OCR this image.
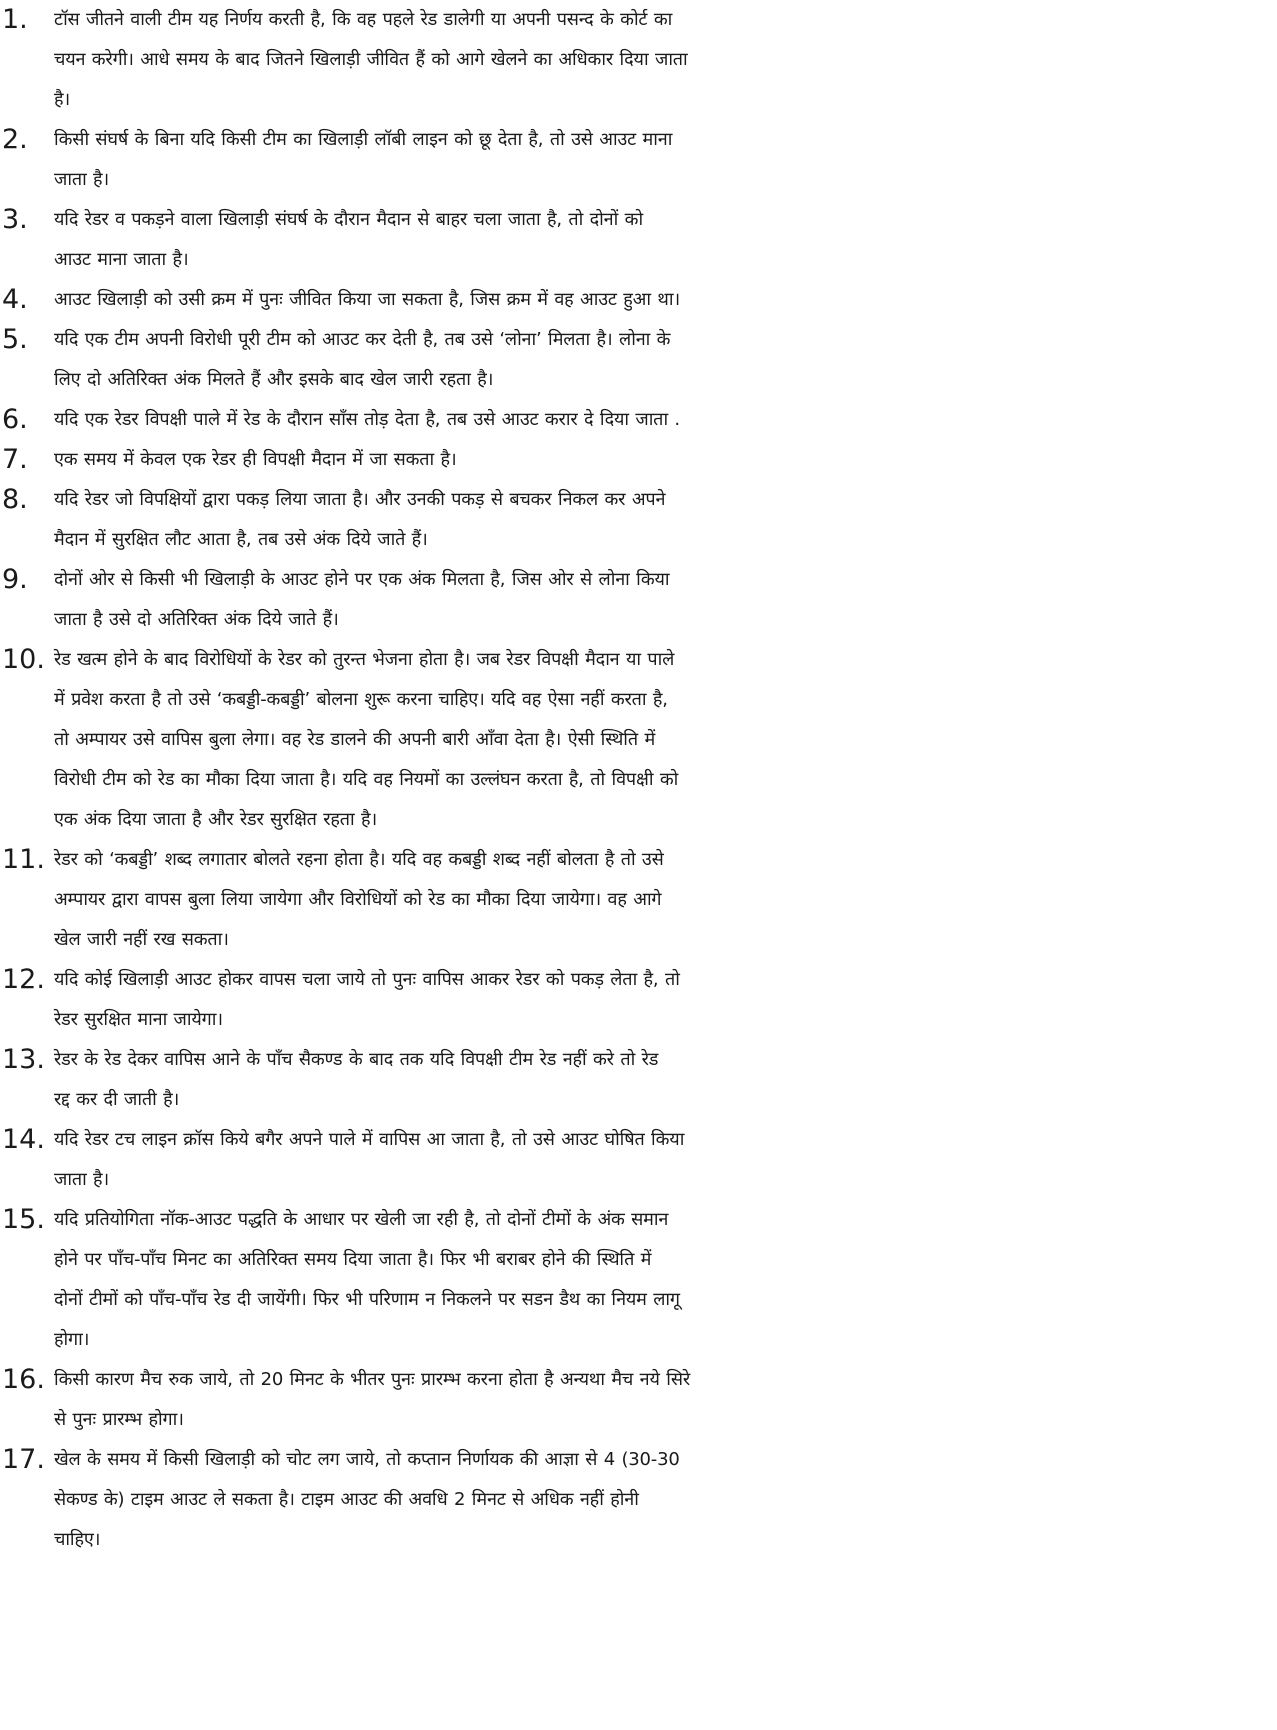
1. टॉस जीतने वाली टीम यह निर्णय करती है, कि वह पहले रेड डालेगी या अपनी पसन्द के कोर्ट का
चयन करेगी। आधे समय के बाद जितने खिलाड़ी जीवित हैं को आगे खेलने का अधिकार दिया जाता
है।
2. किसी संघर्ष के बिना यदि किसी टीम का खिलाड़ी लॉबी लाइन को छू देता है, तो उसे आउट माना
जाता है।
3. यदि रेडर व पकड़ने वाला खिलाड़ी संघर्ष के दौरान मैदान से बाहर चला जाता है, तो दोनों को
आउट माना जाता है।
4. आउट खिलाड़ी को उसी क्रम में पुनः जीवित किया जा सकता है, जिस क्रम में वह आउट हुआ था।
5. यदि एक टीम अपनी विरोधी पूरी टीम को आउट कर देती है, तब उसे ‘लोना’ मिलता है। लोना के
लिए दो अतिरिक्त अंक मिलते हैं और इसके बाद खेल जारी रहता है।
6. यदि एक रेडर विपक्षी पाले में रेड के दौरान साँस तोड़ देता है, तब उसे आउट करार दे दिया जाता .
7. एक समय में केवल एक रेडर ही विपक्षी मैदान में जा सकता है।
8. यदि रेडर जो विपक्षियों द्वारा पकड़ लिया जाता है। और उनकी पकड़ से बचकर निकल कर अपने
मैदान में सुरक्षित लौट आता है, तब उसे अंक दिये जाते हैं।
9. दोनों ओर से किसी भी खिलाड़ी के आउट होने पर एक अंक मिलता है, जिस ओर से लोना किया
जाता है उसे दो अतिरिक्त अंक दिये जाते हैं।
10. रेड खत्म होने के बाद विरोधियों के रेडर को तुरन्त भेजना होता है। जब रेडर विपक्षी मैदान या पाले
में प्रवेश करता है तो उसे ‘कबड्डी-कबड्डी’ बोलना शुरू करना चाहिए। यदि वह ऐसा नहीं करता है,
तो अम्पायर उसे वापिस बुला लेगा। वह रेड डालने की अपनी बारी आँवा देता है। ऐसी स्थिति में
विरोधी टीम को रेड का मौका दिया जाता है। यदि वह नियमों का उल्लंघन करता है, तो विपक्षी को
एक अंक दिया जाता है और रेडर सुरक्षित रहता है।
11. रेडर को ‘कबड्डी’ शब्द लगातार बोलते रहना होता है। यदि वह कबड्डी शब्द नहीं बोलता है तो उसे
अम्पायर द्वारा वापस बुला लिया जायेगा और विरोधियों को रेड का मौका दिया जायेगा। वह आगे
खेल जारी नहीं रख सकता।
12. यदि कोई खिलाड़ी आउट होकर वापस चला जाये तो पुनः वापिस आकर रेडर को पकड़ लेता है, तो
रेडर सुरक्षित माना जायेगा।
13. रेडर के रेड देकर वापिस आने के पाँच सैकण्ड के बाद तक यदि विपक्षी टीम रेड नहीं करे तो रेड
रद्द कर दी जाती है।
14. यदि रेडर टच लाइन क्रॉस किये बगैर अपने पाले में वापिस आ जाता है, तो उसे आउट घोषित किया
जाता है।
15. यदि प्रतियोगिता नॉक-आउट पद्धति के आधार पर खेली जा रही है, तो दोनों टीमों के अंक समान
होने पर पाँच-पाँच मिनट का अतिरिक्त समय दिया जाता है। फिर भी बराबर होने की स्थिति में
दोनों टीमों को पाँच-पाँच रेड दी जायेंगी। फिर भी परिणाम न निकलने पर सडन डैथ का नियम लागू
होगा।
16. किसी कारण मैच रुक जाये, तो 20 मिनट के भीतर पुनः प्रारम्भ करना होता है अन्यथा मैच नये सिरे
से पुनः प्रारम्भ होगा।
17. खेल के समय में किसी खिलाड़ी को चोट लग जाये, तो कप्तान निर्णायक की आज्ञा से 4 (30-30
सेकण्ड के) टाइम आउट ले सकता है। टाइम आउट की अवधि 2 मिनट से अधिक नहीं होनी
चाहिए।
